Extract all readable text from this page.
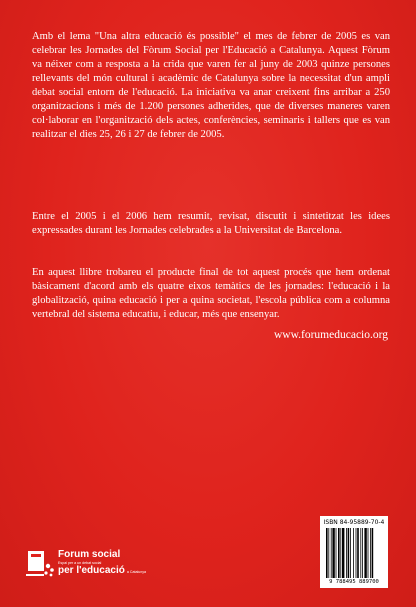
Amb el lema "Una altra educació és possible" el mes de febrer de 2005 es van celebrar les Jornades del Fòrum Social per l'Educació a Catalunya. Aquest Fòrum va néixer com a resposta a la crida que varen fer al juny de 2003 quinze persones rellevants del món cultural i acadèmic de Catalunya sobre la necessitat d'un ampli debat social entorn de l'educació. La iniciativa va anar creixent fins arribar a 250 organitzacions i més de 1.200 persones adherides, que de diverses maneres varen col·laborar en l'organització dels actes, conferències, seminaris i tallers que es van realitzar el dies 25, 26 i 27 de febrer de 2005.

Entre el 2005 i el 2006 hem resumit, revisat, discutit i sintetitzat les idees expressades durant les Jornades celebrades a la Universitat de Barcelona.

En aquest llibre trobareu el producte final de tot aquest procés que hem ordenat bàsicament d'acord amb els quatre eixos temàtics de les jornades: l'educació i la globalització, quina educació i per a quina societat, l'escola pública com a columna vertebral del sistema educatiu, i educar, més que ensenyar.

www.forumeducacio.org

ISBN 84-95889-70-4
9 788495 889700
Forum social
Espai per a un debat social
per l'educació a Catalunya
